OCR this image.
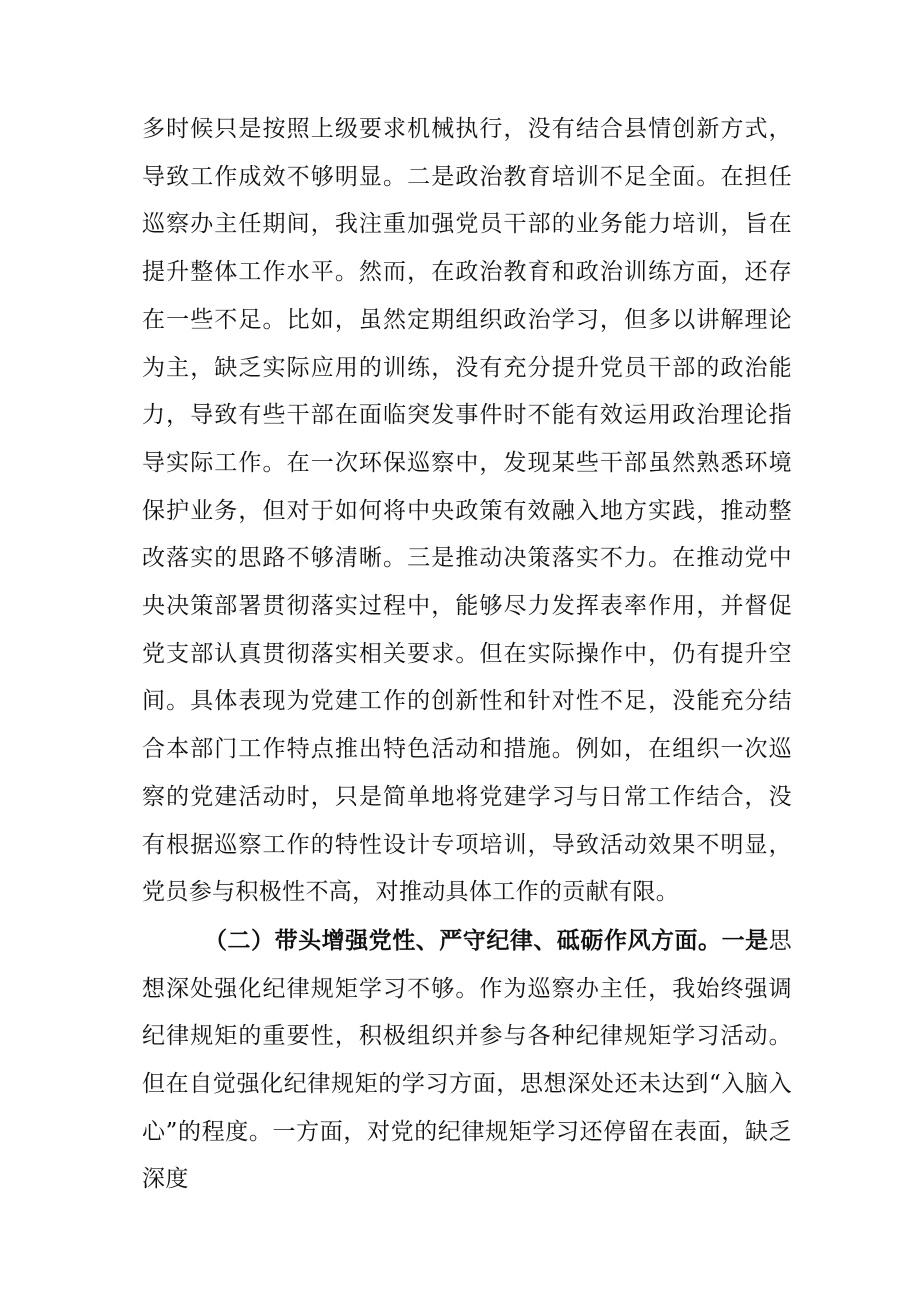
多时候只是按照上级要求机械执行，没有结合县情创新方式，导致工作成效不够明显。二是政治教育培训不足全面。在担任巡察办主任期间，我注重加强党员干部的业务能力培训，旨在提升整体工作水平。然而，在政治教育和政治训练方面，还存在一些不足。比如，虽然定期组织政治学习，但多以讲解理论为主，缺乏实际应用的训练，没有充分提升党员干部的政治能力，导致有些干部在面临突发事件时不能有效运用政治理论指导实际工作。在一次环保巡察中，发现某些干部虽然熟悉环境保护业务，但对于如何将中央政策有效融入地方实践，推动整改落实的思路不够清晰。三是推动决策落实不力。在推动党中央决策部署贯彻落实过程中，能够尽力发挥表率作用，并督促党支部认真贯彻落实相关要求。但在实际操作中，仍有提升空间。具体表现为党建工作的创新性和针对性不足，没能充分结合本部门工作特点推出特色活动和措施。例如，在组织一次巡察的党建活动时，只是简单地将党建学习与日常工作结合，没有根据巡察工作的特性设计专项培训，导致活动效果不明显，党员参与积极性不高，对推动具体工作的贡献有限。

（二）带头增强党性、严守纪律、砥砺作风方面。一是思想深处强化纪律规矩学习不够。作为巡察办主任，我始终强调纪律规矩的重要性，积极组织并参与各种纪律规矩学习活动。但在自觉强化纪律规矩的学习方面，思想深处还未达到“入脑入心”的程度。一方面，对党的纪律规矩学习还停留在表面，缺乏深度
